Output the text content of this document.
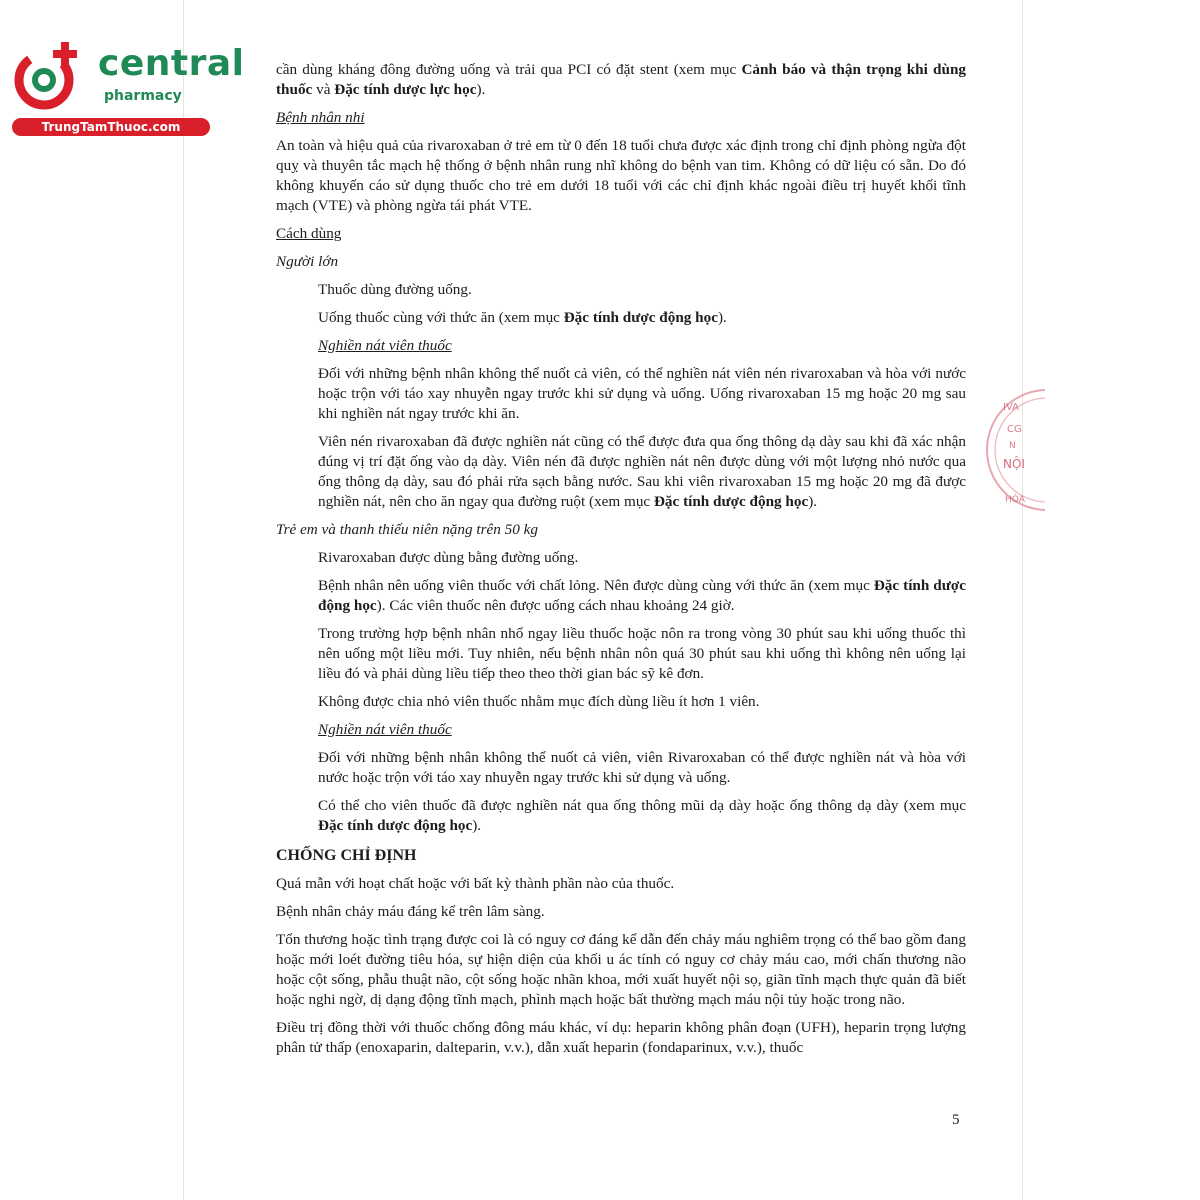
central
pharmacy
TrungTamThuoc.com
IVA
CG
N
NỘI
HÓA

cần dùng kháng đông đường uống và trải qua PCI có đặt stent (xem mục Cảnh báo và thận trọng khi dùng thuốc và Đặc tính dược lực học).

Bệnh nhân nhi

An toàn và hiệu quả của rivaroxaban ở trẻ em từ 0 đến 18 tuổi chưa được xác định trong chỉ định phòng ngừa đột quỵ và thuyên tắc mạch hệ thống ở bệnh nhân rung nhĩ không do bệnh van tim. Không có dữ liệu có sẵn. Do đó không khuyến cáo sử dụng thuốc cho trẻ em dưới 18 tuổi với các chỉ định khác ngoài điều trị huyết khối tĩnh mạch (VTE) và phòng ngừa tái phát VTE.

Cách dùng

Người lớn

Thuốc dùng đường uống.

Uống thuốc cùng với thức ăn (xem mục Đặc tính dược động học).

Nghiền nát viên thuốc

Đối với những bệnh nhân không thể nuốt cả viên, có thể nghiền nát viên nén rivaroxaban và hòa với nước hoặc trộn với táo xay nhuyễn ngay trước khi sử dụng và uống. Uống rivaroxaban 15 mg hoặc 20 mg sau khi nghiền nát ngay trước khi ăn.

Viên nén rivaroxaban đã được nghiền nát cũng có thể được đưa qua ống thông dạ dày sau khi đã xác nhận đúng vị trí đặt ống vào dạ dày. Viên nén đã được nghiền nát nên được dùng với một lượng nhỏ nước qua ống thông dạ dày, sau đó phải rửa sạch bằng nước. Sau khi viên rivaroxaban 15 mg hoặc 20 mg đã được nghiền nát, nên cho ăn ngay qua đường ruột (xem mục Đặc tính dược động học).

Trẻ em và thanh thiếu niên nặng trên 50 kg

Rivaroxaban được dùng bằng đường uống.

Bệnh nhân nên uống viên thuốc với chất lỏng. Nên được dùng cùng với thức ăn (xem mục Đặc tính dược động học). Các viên thuốc nên được uống cách nhau khoảng 24 giờ.

Trong trường hợp bệnh nhân nhổ ngay liều thuốc hoặc nôn ra trong vòng 30 phút sau khi uống thuốc thì nên uống một liều mới. Tuy nhiên, nếu bệnh nhân nôn quá 30 phút sau khi uống thì không nên uống lại liều đó và phải dùng liều tiếp theo theo thời gian bác sỹ kê đơn.

Không được chia nhỏ viên thuốc nhằm mục đích dùng liều ít hơn 1 viên.

Nghiền nát viên thuốc

Đối với những bệnh nhân không thể nuốt cả viên, viên Rivaroxaban có thể được nghiền nát và hòa với nước hoặc trộn với táo xay nhuyễn ngay trước khi sử dụng và uống.

Có thể cho viên thuốc đã được nghiền nát qua ống thông mũi dạ dày hoặc ống thông dạ dày (xem mục Đặc tính dược động học).

CHỐNG CHỈ ĐỊNH

Quá mẫn với hoạt chất hoặc với bất kỳ thành phần nào của thuốc.

Bệnh nhân chảy máu đáng kể trên lâm sàng.

Tổn thương hoặc tình trạng được coi là có nguy cơ đáng kể dẫn đến chảy máu nghiêm trọng có thể bao gồm đang hoặc mới loét đường tiêu hóa, sự hiện diện của khối u ác tính có nguy cơ chảy máu cao, mới chấn thương não hoặc cột sống, phẫu thuật não, cột sống hoặc nhãn khoa, mới xuất huyết nội sọ, giãn tĩnh mạch thực quản đã biết hoặc nghi ngờ, dị dạng động tĩnh mạch, phình mạch hoặc bất thường mạch máu nội tủy hoặc trong não.

Điều trị đồng thời với thuốc chống đông máu khác, ví dụ: heparin không phân đoạn (UFH), heparin trọng lượng phân tử thấp (enoxaparin, dalteparin, v.v.), dẫn xuất heparin (fondaparinux, v.v.), thuốc

5
